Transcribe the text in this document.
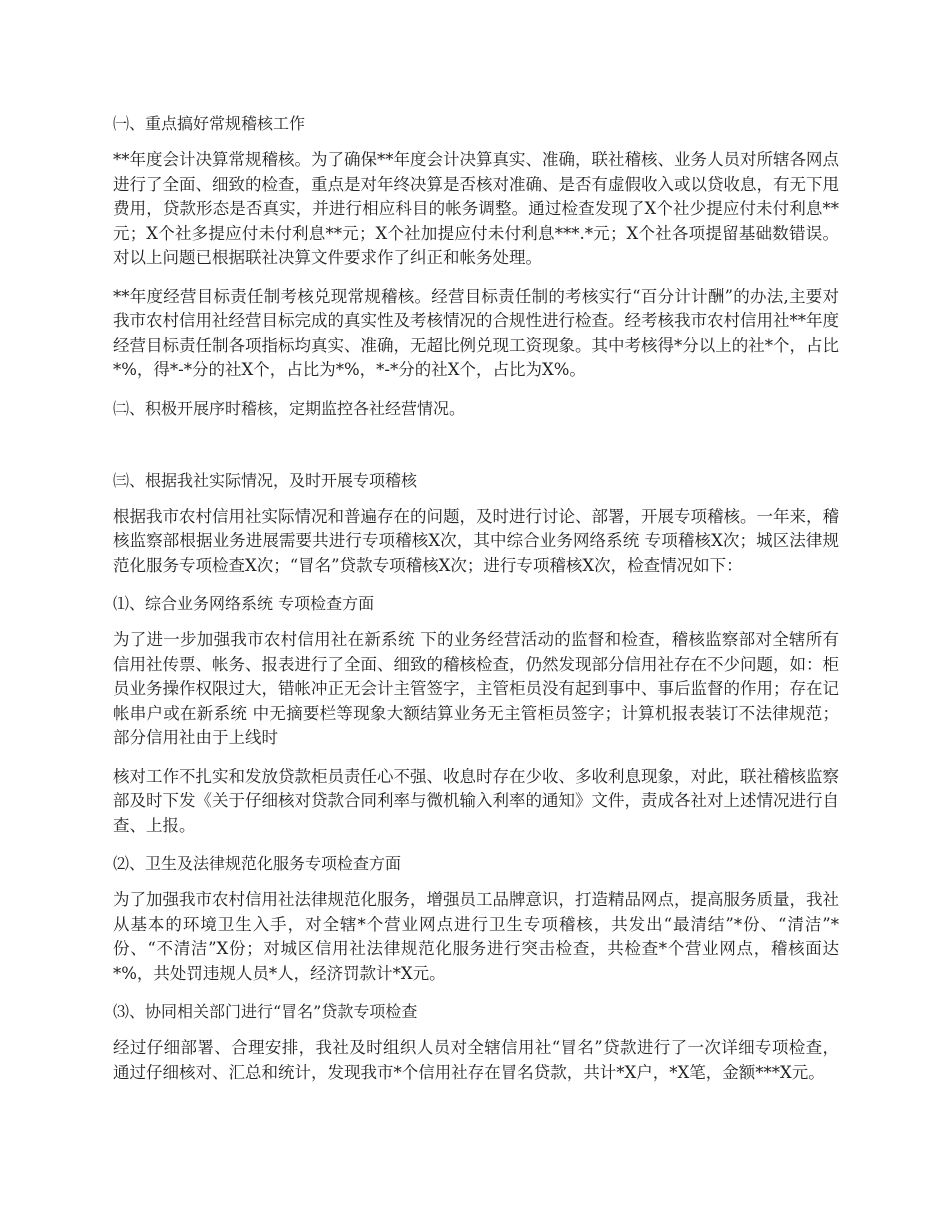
㈠、重点搞好常规稽核工作
**年度会计决算常规稽核。为了确保**年度会计决算真实、准确，联社稽核、业务人员对所辖各网点进行了全面、细致的检查，重点是对年终决算是否核对准确、是否有虚假收入或以贷收息，有无下甩费用，贷款形态是否真实，并进行相应科目的帐务调整。通过检查发现了X个社少提应付未付利息**元；X个社多提应付未付利息**元；X个社加提应付未付利息***.*元；X个社各项提留基础数错误。对以上问题已根据联社决算文件要求作了纠正和帐务处理。
**年度经营目标责任制考核兑现常规稽核。经营目标责任制的考核实行“百分计计酬”的办法,主要对我市农村信用社经营目标完成的真实性及考核情况的合规性进行检查。经考核我市农村信用社**年度经营目标责任制各项指标均真实、准确，无超比例兑现工资现象。其中考核得*分以上的社*个，占比*%，得*-*分的社X个，占比为*%，*-*分的社X个，占比为X%。
㈡、积极开展序时稽核，定期监控各社经营情况。
㈢、根据我社实际情况，及时开展专项稽核
根据我市农村信用社实际情况和普遍存在的问题，及时进行讨论、部署，开展专项稽核。一年来，稽核监察部根据业务进展需要共进行专项稽核X次，其中综合业务网络系统 专项稽核X次；城区法律规范化服务专项检查X次；“冒名”贷款专项稽核X次；进行专项稽核X次，检查情况如下：
⑴、综合业务网络系统 专项检查方面
为了进一步加强我市农村信用社在新系统 下的业务经营活动的监督和检查，稽核监察部对全辖所有信用社传票、帐务、报表进行了全面、细致的稽核检查，仍然发现部分信用社存在不少问题，如：柜员业务操作权限过大，错帐冲正无会计主管签字，主管柜员没有起到事中、事后监督的作用；存在记帐串户或在新系统 中无摘要栏等现象大额结算业务无主管柜员签字；计算机报表装订不法律规范；部分信用社由于上线时
核对工作不扎实和发放贷款柜员责任心不强、收息时存在少收、多收利息现象，对此，联社稽核监察部及时下发《关于仔细核对贷款合同利率与微机输入利率的通知》文件，责成各社对上述情况进行自查、上报。
⑵、卫生及法律规范化服务专项检查方面
为了加强我市农村信用社法律规范化服务，增强员工品牌意识，打造精品网点，提高服务质量，我社从基本的环境卫生入手，对全辖*个营业网点进行卫生专项稽核，共发出“最清结”*份、“清洁”*份、“不清洁”X份；对城区信用社法律规范化服务进行突击检查，共检查*个营业网点，稽核面达*%，共处罚违规人员*人，经济罚款计*X元。
⑶、协同相关部门进行“冒名”贷款专项检查
经过仔细部署、合理安排，我社及时组织人员对全辖信用社“冒名”贷款进行了一次详细专项检查，通过仔细核对、汇总和统计，发现我市*个信用社存在冒名贷款，共计*X户，*X笔，金额***X元。
